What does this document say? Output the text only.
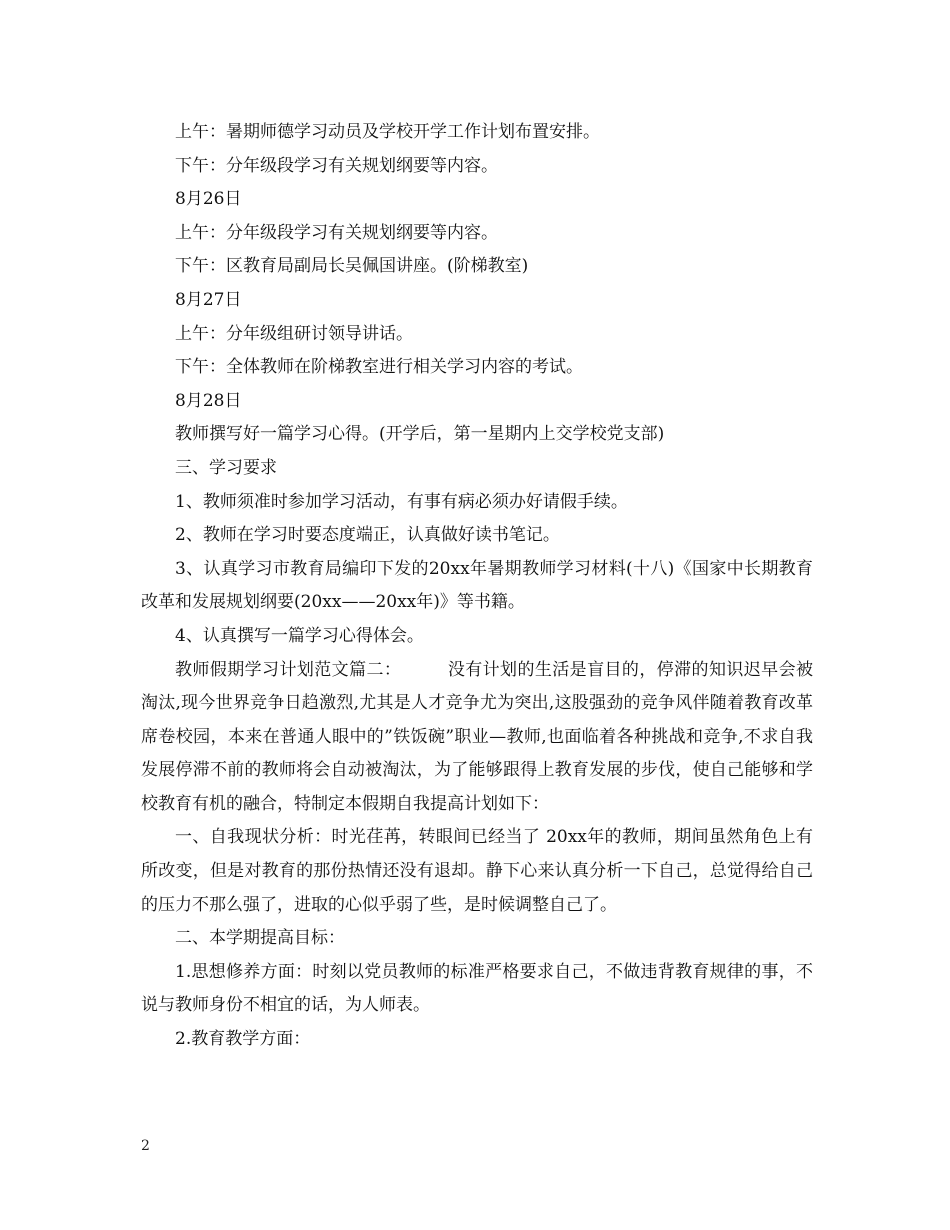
上午：暑期师德学习动员及学校开学工作计划布置安排。

下午：分年级段学习有关规划纲要等内容。

8月26日

上午：分年级段学习有关规划纲要等内容。

下午：区教育局副局长吴佩国讲座。(阶梯教室)

8月27日

上午：分年级组研讨领导讲话。

下午：全体教师在阶梯教室进行相关学习内容的考试。

8月28日

教师撰写好一篇学习心得。(开学后，第一星期内上交学校党支部)

三、学习要求

1、教师须准时参加学习活动，有事有病必须办好请假手续。

2、教师在学习时要态度端正，认真做好读书笔记。

3、认真学习市教育局编印下发的20xx年暑期教师学习材料(十八)《国家中长期教育改革和发展规划纲要(20xx——20xx年)》等书籍。

4、认真撰写一篇学习心得体会。

教师假期学习计划范文篇二：        没有计划的生活是盲目的，停滞的知识迟早会被淘汰,现今世界竞争日趋激烈,尤其是人才竞争尤为突出,这股强劲的竞争风伴随着教育改革席卷校园，本来在普通人眼中的”铁饭碗”职业—教师,也面临着各种挑战和竞争,不求自我发展停滞不前的教师将会自动被淘汰，为了能够跟得上教育发展的步伐，使自己能够和学校教育有机的融合，特制定本假期自我提高计划如下：

一、自我现状分析：时光荏苒，转眼间已经当了 20xx年的教师，期间虽然角色上有所改变，但是对教育的那份热情还没有退却。静下心来认真分析一下自己，总觉得给自己的压力不那么强了，进取的心似乎弱了些，是时候调整自己了。

二、本学期提高目标：

1.思想修养方面：时刻以党员教师的标准严格要求自己，不做违背教育规律的事，不说与教师身份不相宜的话，为人师表。

2.教育教学方面：

2
